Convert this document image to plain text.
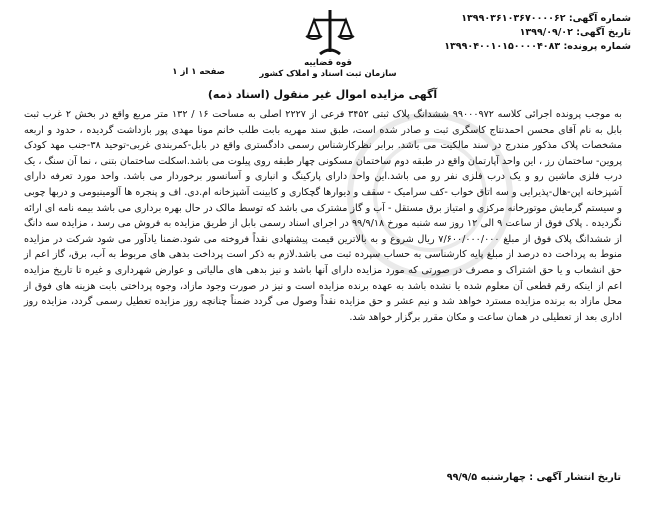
شماره آگهی: ۱۳۹۹۰۳۶۱۰۳۶۷۰۰۰۰۶۲
تاریخ آگهی: ۱۳۹۹/۰۹/۰۲
شماره پرونده: ۱۳۹۹۰۴۰۰۱۰۱۵۰۰۰۰۴۰۸۳
قوه قضاییه
سازمان ثبت اسناد و املاک کشور
صفحه ۱ از ۱
آگهی مزایده اموال غیر منقول (اسناد ذمه)
به موجب پرونده اجرائی کلاسه ۹۹۰۰۰۹۷۲ ششدانگ پلاک ثبتی ۳۴۵۲ فرعی از ۲۲۲۷ اصلی به مساحت ۱۶ / ۱۳۲ متر مربع واقع در بخش ۲ غرب ثبت بابل به نام آقای محسن احمدنتاج کاسگری ثبت و صادر شده است، طبق سند مهریه بابت طلب خانم مونا مهدی پور بازداشت گردیده ، حدود و اربعه مشخصات پلاک مذکور مندرج در سند مالکیت می باشد. برابر نظرکارشناس رسمی دادگستری واقع در بابل-کمربندی غربی-توحید ۳۸-جنب مهد کودک پروین- ساختمان رز ، این واحد آپارتمان واقع در طبقه دوم ساختمان مسکونی چهار طبقه روی پیلوت می باشد.اسکلت ساختمان بتنی ، نما آن سنگ ، یک درب فلزی ماشین رو و یک درب فلزی نفر رو می باشد.این واحد دارای پارکینگ و انباری و آسانسور برخوردار می باشد. واحد مورد تعرفه دارای آشپزخانه اپن-هال-پذیرایی و سه اتاق خواب -کف سرامیک - سقف و دیوارها گچکاری و کابینت آشپزخانه ام.دی. اف و پنجره ها آلومینیومی و دربها چوبی و سیستم گرمایش موتورخانه مرکزی و امتیاز برق مستقل - آب و گاز مشترک می باشد که توسط مالک در حال بهره برداری می باشد بیمه نامه ای ارائه نگردیده . پلاک فوق از ساعت ۹ الی ۱۲ روز سه شنبه مورخ ۹۹/۹/۱۸ در اجرای اسناد رسمی بابل از طریق مزایده به فروش می رسد ، مزایده سه دانگ از ششدانگ پلاک فوق از مبلغ ۷/۶۰۰/۰۰۰/۰۰۰ ریال شروع و به بالاترین قیمت پیشنهادی نقداً فروخته می شود.ضمنا یادآور می شود شرکت در مزایده منوط به پرداخت ده درصد از مبلغ پایه کارشناسی به حساب سپرده ثبت می باشد.لازم به ذکر است پرداخت بدهی های مربوط به آب، برق، گاز اعم از حق انشعاب و یا حق اشتراک و مصرف در صورتی که مورد مزایده دارای آنها باشد و نیز بدهی های مالیاتی و عوارض شهرداری و غیره تا تاریخ مزایده اعم از اینکه رقم قطعی آن معلوم شده یا نشده باشد به عهده برنده مزایده است و نیز در صورت وجود مازاد، وجوه پرداختی بابت هزینه های فوق از محل مازاد به برنده مزایده مسترد خواهد شد و نیم عشر و حق مزایده نقداً وصول می گردد ضمناً چنانچه روز مزایده تعطیل رسمی گردد، مزایده روز اداری بعد از تعطیلی در همان ساعت و مکان مقرر برگزار خواهد شد.
تاریخ انتشار آگهی : چهارشنبه ۹۹/۹/۵
